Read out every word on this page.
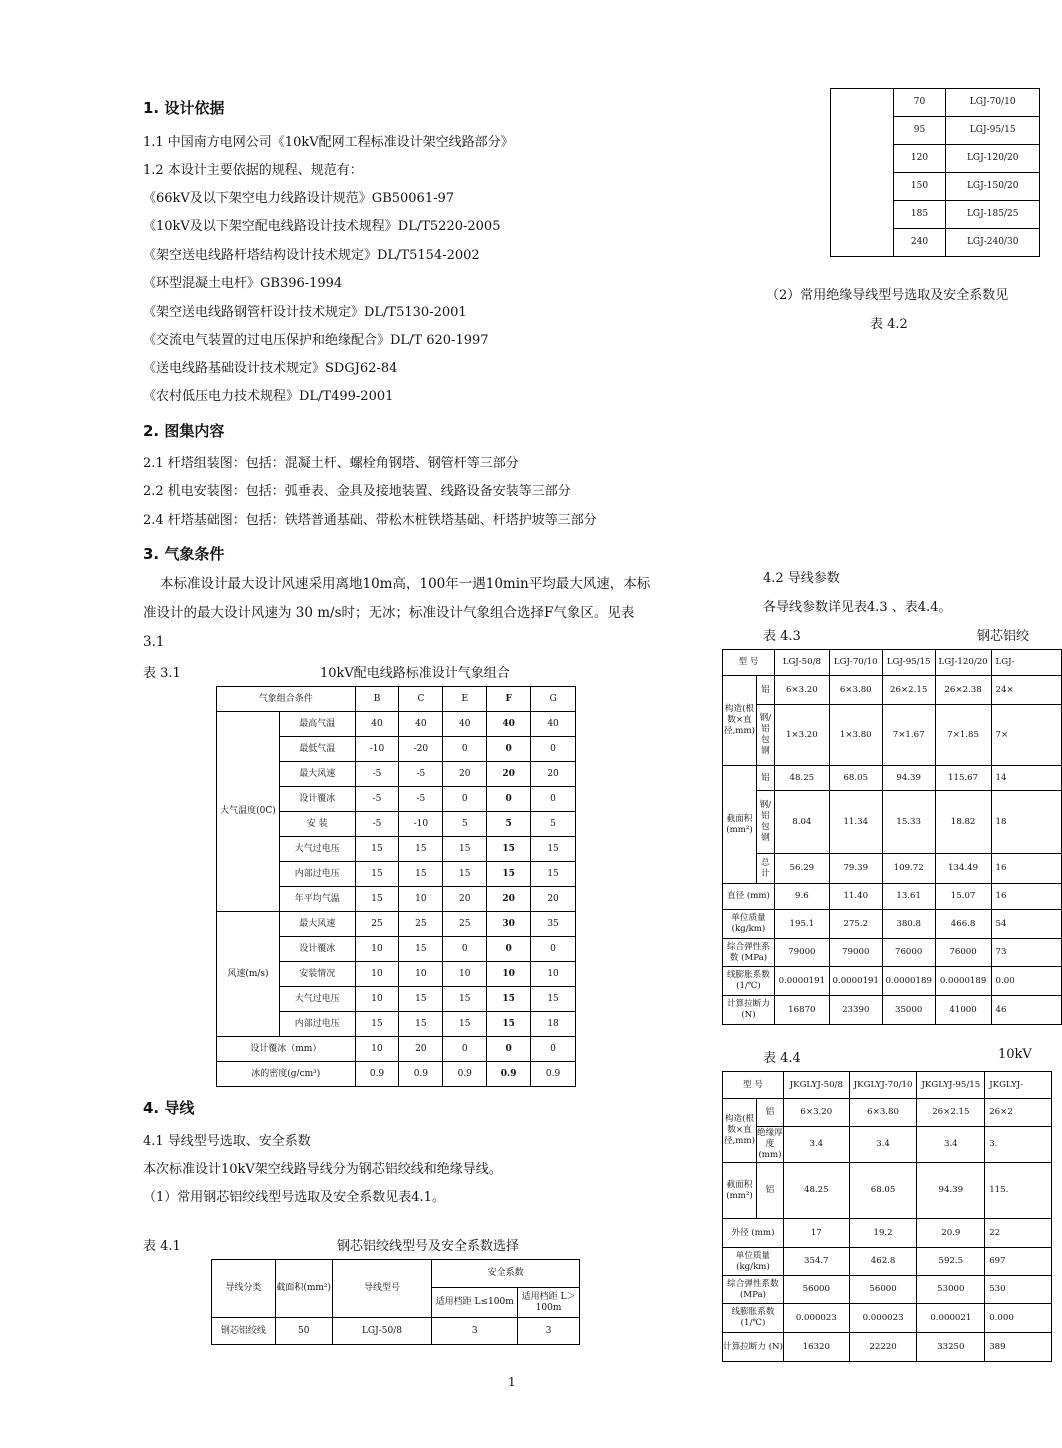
1. 设计依据
1.1 中国南方电网公司《10kV配网工程标准设计架空线路部分》
1.2 本设计主要依据的规程、规范有：
《66kV及以下架空电力线路设计规范》GB50061-97
《10kV及以下架空配电线路设计技术规程》DL/T5220-2005
《架空送电线路杆塔结构设计技术规定》DL/T5154-2002
《环型混凝土电杆》GB396-1994
《架空送电线路钢管杆设计技术规定》DL/T5130-2001
《交流电气装置的过电压保护和绝缘配合》DL/T 620-1997
《送电线路基础设计技术规定》SDGJ62-84
《农村低压电力技术规程》DL/T499-2001
2. 图集内容
2.1 杆塔组装图：包括：混凝土杆、螺栓角钢塔、钢管杆等三部分
2.2 机电安装图：包括：弧垂表、金具及接地装置、线路设备安装等三部分
2.4 杆塔基础图：包括：铁塔普通基础、带松木桩铁塔基础、杆塔护坡等三部分
3. 气象条件
本标准设计最大设计风速采用离地10m高，100年一遇10min平均最大风速，本标
准设计的最大设计风速为 30 m/s时；无冰；标准设计气象组合选择F气象区。见表
3.1
表 3.1	10kV配电线路标准设计气象组合
气象组合条件		B	C	E	F	G
大气温度(0C)	最高气温	40	40	40	40	40
	最低气温	-10	-20	0	0	0
	最大风速	-5	-5	20	20	20
	设计覆冰	-5	-5	0	0	0
	安 装	-5	-10	5	5	5
	大气过电压	15	15	15	15	15
	内部过电压	15	15	15	15	15
	年平均气温	15	10	20	20	20
风速(m/s)	最大风速	25	25	25	30	35
	设计覆冰	10	15	0	0	0
	安装情况	10	10	10	10	10
	大气过电压	10	15	15	15	15
	内部过电压	15	15	15	15	18
设计覆冰（mm）		10	20	0	0	0
冰的密度(g/cm³)		0.9	0.9	0.9	0.9	0.9
4. 导线
4.1 导线型号选取、安全系数
本次标准设计10kV架空线路导线分为钢芯铝绞线和绝缘导线。
（1）常用钢芯铝绞线型号选取及安全系数见表4.1。
表 4.1	钢芯铝绞线型号及安全系数选择
导线分类	截面积(mm²)	导线型号	安全系数	
			适用档距 L≤100m	适用档距 L＞100m
钢芯铝绞线	50	LGJ-50/8	3	3
	70	LGJ-70/10
	95	LGJ-95/15
	120	LGJ-120/20
	150	LGJ-150/20
	185	LGJ-185/25
	240	LGJ-240/30
（2）常用绝缘导线型号选取及安全系数见
表 4.2
4.2 导线参数
各导线参数详见表4.3 、表4.4。
表 4.3	钢芯铝绞
型 号		LGJ-50/8	LGJ-70/10	LGJ-95/15	LGJ-120/20	LGJ-
构造(根数×直径,mm)	铝	6×3.20	6×3.80	26×2.15	26×2.38	24×
	钢/铝包钢	1×3.20	1×3.80	7×1.67	7×1.85	7×
截面积(mm²)	铝	48.25	68.05	94.39	115.67	14
	钢/铝包钢	8.04	11.34	15.33	18.82	18
	总计	56.29	79.39	109.72	134.49	16
直径 (mm)		9.6	11.40	13.61	15.07	16
单位质量(kg/km)		195.1	275.2	380.8	466.8	54
综合弹性系数 (MPa)		79000	79000	76000	76000	73
线膨胀系数 (1/℃)		0.0000191	0.0000191	0.0000189	0.0000189	0.00
计算拉断力 (N)		16870	23390	35000	41000	46
表 4.4	10kV
型 号		JKGLYJ-50/8	JKGLYJ-70/10	JKGLYJ-95/15	JKGLYJ-
构造(根数×直径,mm)	铝	6×3.20	6×3.80	26×2.15	26×2
	绝缘厚度(mm)	3.4	3.4	3.4	3.
截面积(mm²)	铝	48.25	68.05	94.39	115.
外径 (mm)		17	19.2	20.9	22
单位质量(kg/km)		354.7	462.8	592.5	697
综合弹性系数 (MPa)		56000	56000	53000	530
线膨胀系数 (1/℃)		0.000023	0.000023	0.000021	0.000
计算拉断力 (N)		16320	22220	33250	389
1
